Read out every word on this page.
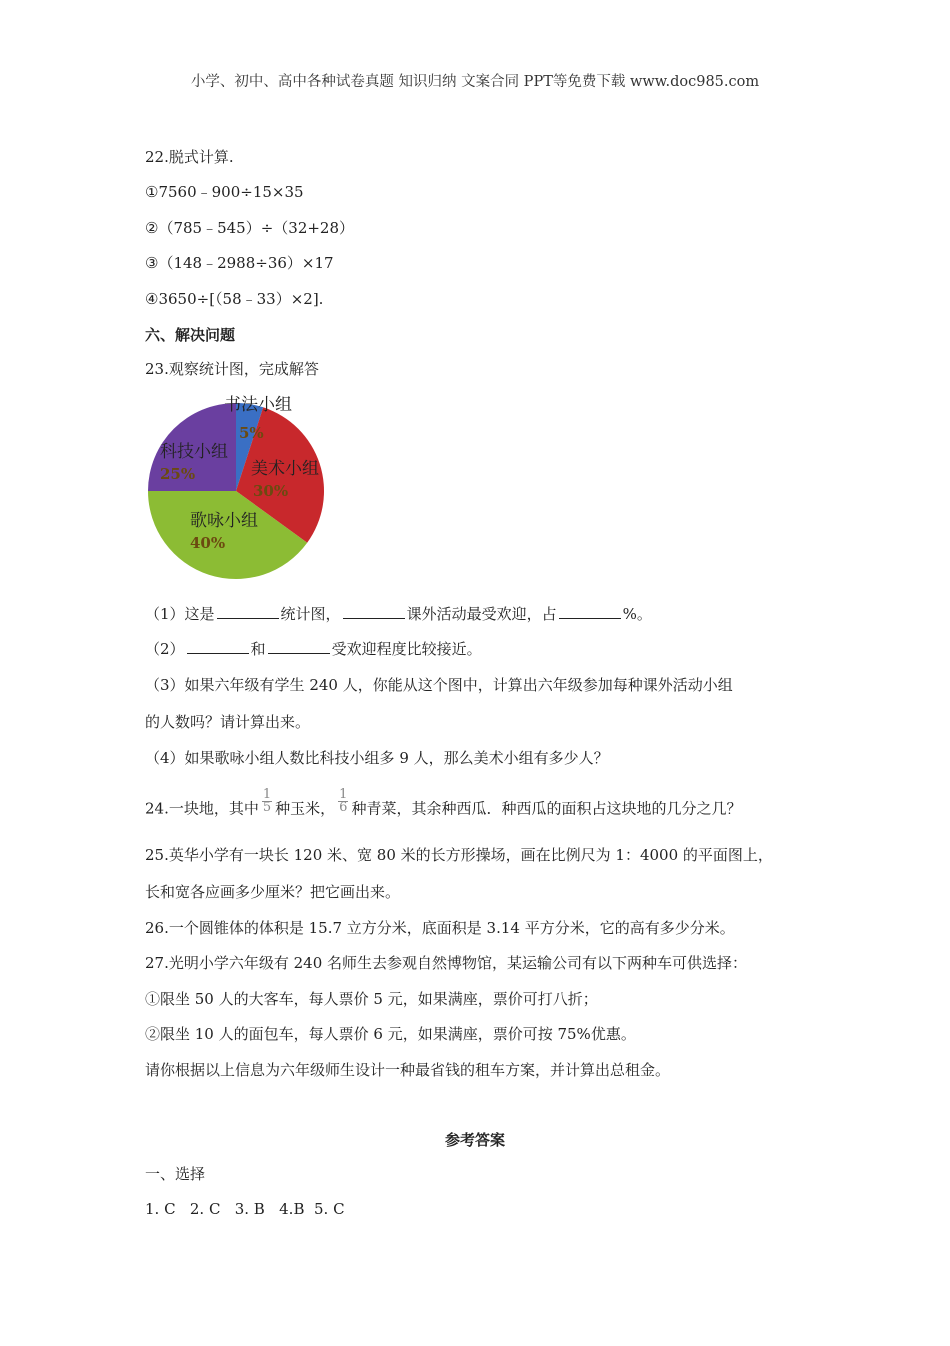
小学、初中、高中各种试卷真题 知识归纳 文案合同 PPT等免费下载 www.doc985.com
22.脱式计算.
①7560﹣900÷15×35
②（785﹣545）÷（32+28）
③（148﹣2988÷36）×17
④3650÷[（58﹣33）×2].
六、解决问题
23.观察统计图，完成解答
书法小组
5%
美术小组
30%
歌咏小组
40%
科技小组
25%
（1）这是	统计图，	课外活动最受欢迎，占	%。
（2）	和	受欢迎程度比较接近。
（3）如果六年级有学生 240 人，你能从这个图中，计算出六年级参加每种课外活动小组
的人数吗？请计算出来。
（4）如果歌咏小组人数比科技小组多 9 人，那么美术小组有多少人？
24.一块地，其中 $\frac{1}{5}$ 种玉米， $\frac{1}{6}$ 种青菜，其余种西瓜．种西瓜的面积占这块地的几分之几？
25.英华小学有一块长 120 米、宽 80 米的长方形操场，画在比例尺为 1：4000 的平面图上，
长和宽各应画多少厘米？把它画出来。
26.一个圆锥体的体积是 15.7 立方分米，底面积是 3.14 平方分米，它的高有多少分米。
27.光明小学六年级有 240 名师生去参观自然博物馆，某运输公司有以下两种车可供选择：
①限坐 50 人的大客车，每人票价 5 元，如果满座，票价可打八折；
②限坐 10 人的面包车，每人票价 6 元，如果满座，票价可按 75%优惠。
请你根据以上信息为六年级师生设计一种最省钱的租车方案，并计算出总租金。
参考答案
一、选择
1. C   2. C   3. B   4.B  5. C
